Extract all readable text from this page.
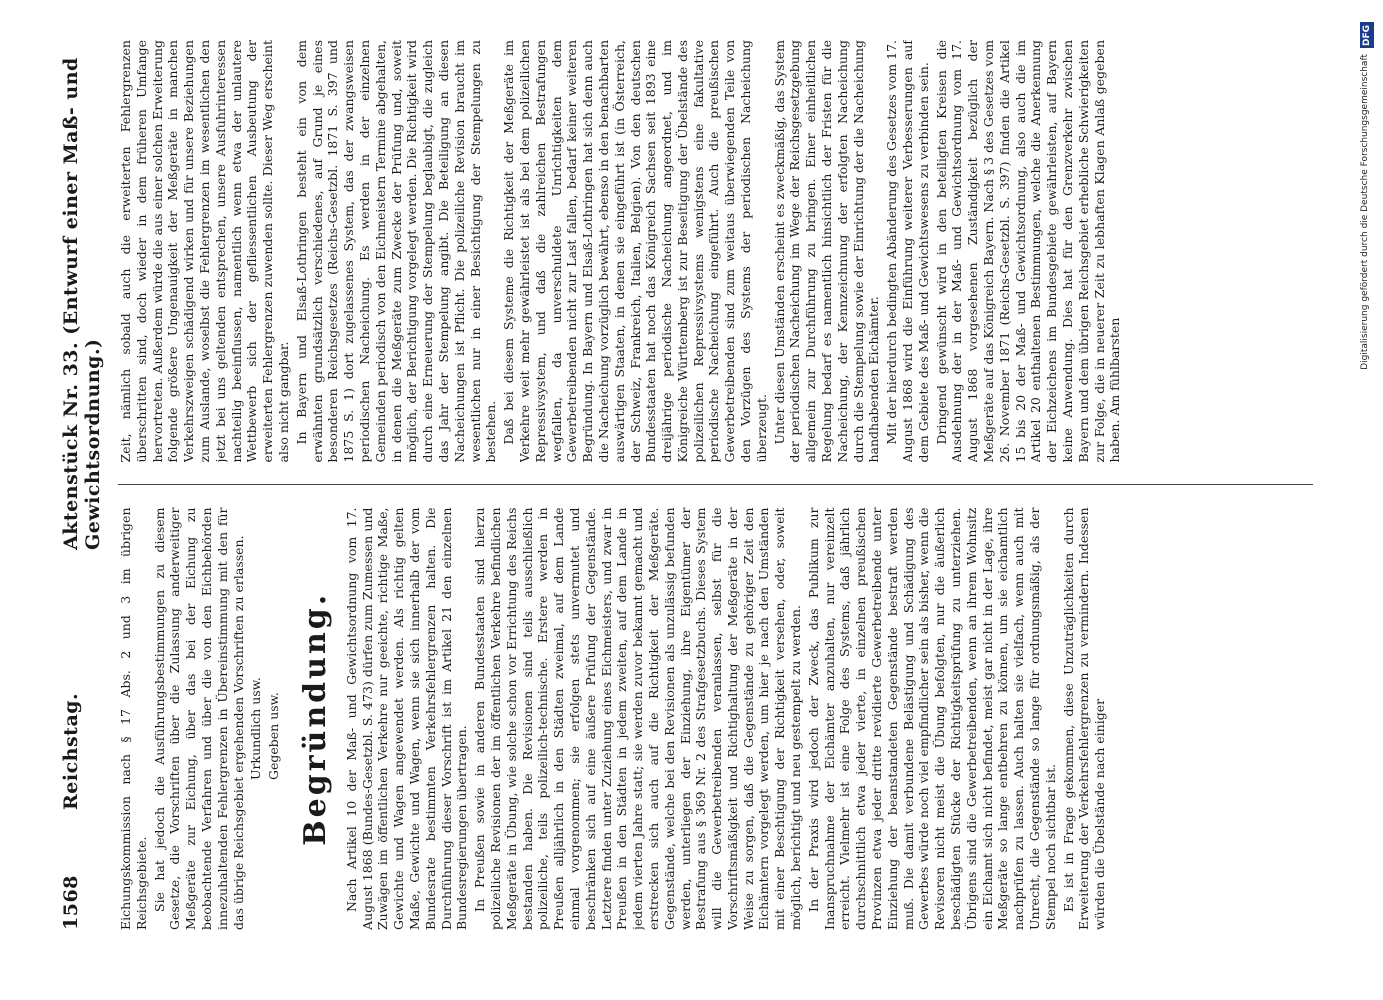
1568
Reichstag.
Aktenstück Nr. 33. (Entwurf einer Maß- und Gewichtsordnung.)

Eichungskommission nach § 17 Abs. 2 und 3 im übrigen Reichsgebiete. Sie hat jedoch die Ausführungsbestimmungen zu diesem Gesetze, die Vorschriften über die Zulassung anderweitiger Meßgeräte zur Eichung, über das bei der Eichung zu beobachtende Verfahren und über die von den Eichbehörden innezuhaltenden Fehlergrenzen in Übereinstimmung mit den für das übrige Reichsgebiet ergehenden Vorschriften zu erlassen. Urkundlich usw. Gegeben usw. Begründung. Nach Artikel 10 der Maß- und Gewichtsordnung vom 17. August 1868 (Bundes-Gesetzbl. S. 473) dürfen zum Zumessen und Zuwägen im öffentlichen Verkehre nur geeichte, richtige Maße, Gewichte und Wagen angewendet werden. Als richtig gelten Maße, Gewichte und Wagen, wenn sie sich innerhalb der vom Bundesrate bestimmten Verkehrsfehlergrenzen halten. Die Durchführung dieser Vorschrift ist im Artikel 21 den einzelnen Bundesregierungen übertragen. In Preußen sowie in anderen Bundesstaaten sind hierzu polizeiliche Revisionen der im öffentlichen Verkehre befindlichen Meßgeräte in Übung, wie solche schon vor Errichtung des Reichs bestanden haben. Die Revisionen sind teils ausschließlich polizeiliche, teils polizeilich-technische. Erstere werden in Preußen alljährlich in den Städten zweimal, auf dem Lande einmal vorgenommen; sie erfolgen stets unvermutet und beschränken sich auf eine äußere Prüfung der Gegenstände. Letztere finden unter Zuziehung eines Eichmeisters, und zwar in Preußen in den Städten in jedem zweiten, auf dem Lande in jedem vierten Jahre statt; sie werden zuvor bekannt gemacht und erstrecken sich auch auf die Richtigkeit der Meßgeräte. Gegenstände, welche bei den Revisionen als unzulässig befunden werden, unterliegen der Einziehung, ihre Eigentümer der Bestrafung aus § 369 Nr. 2 des Strafgesetzbuchs. Dieses System will die Gewerbetreibenden veranlassen, selbst für die Vorschriftsmäßigkeit und Richtighaltung der Meßgeräte in der Weise zu sorgen, daß die Gegenstände zu gehöriger Zeit den Eichämtern vorgelegt werden, um hier je nach den Umständen mit einer Beschtigung der Richtigkeit versehen, oder, soweit möglich, berichtigt und neu gestempelt zu werden. In der Praxis wird jedoch der Zweck, das Publikum zur Inanspruchnahme der Eichämter anzuhalten, nur vereinzelt erreicht. Vielmehr ist eine Folge des Systems, daß jährlich durchschnittlich etwa jeder vierte, in einzelnen preußischen Provinzen etwa jeder dritte revidierte Gewerbetreibende unter Einziehung der beanstandeten Gegenstände bestraft werden muß. Die damit verbundene Belästigung und Schädigung des Gewerbes würde noch viel empfindlicher sein als bisher, wenn die Revisoren nicht meist die Übung befolgten, nur die äußerlich beschädigten Stücke der Richtigkeitsprüfung zu unterziehen. Übrigens sind die Gewerbetreibenden, wenn an ihrem Wohnsitz ein Eichamt sich nicht befindet, meist gar nicht in der Lage, ihre Meßgeräte so lange entbehren zu können, um sie eichamtlich nachprüfen zu lassen. Auch halten sie vielfach, wenn auch mit Unrecht, die Gegenstände so lange für ordnungsmäßig, als der Stempel noch sichtbar ist. Es ist in Frage gekommen, diese Unzuträglichkeiten durch Erweiterung der Verkehrsfehlergrenzen zu vermindern. Indessen würden die Übelstände nach einiger

Zeit, nämlich sobald auch die erweiterten Fehlergrenzen überschritten sind, doch wieder in dem früheren Umfange hervortreten. Außerdem würde die aus einer solchen Erweiterung folgende größere Ungenauigkeit der Meßgeräte in manchen Verkehrszweigen schädigend wirken und für unsere Beziehungen zum Auslande, woselbst die Fehlergrenzen im wesentlichen den jetzt bei uns geltenden entsprechen, unsere Ausfuhrinteressen nachteilig beeinflussen, namentlich wenn etwa der unlautere Wettbewerb sich der gefliessentlichen Ausbeutung der erweiterten Fehlergrenzen zuwenden sollte. Dieser Weg erscheint also nicht gangbar. In Bayern und Elsaß-Lothringen besteht ein von dem erwähnten grundsätzlich verschiedenes, auf Grund je eines besonderen Reichsgesetzes (Reichs-Gesetzbl. 1871 S. 397 und 1875 S. 1) dort zugelassenes System, das der zwangsweisen periodischen Nacheichung. Es werden in der einzelnen Gemeinden periodisch von den Eichmeistern Termine abgehalten, in denen die Meßgeräte zum Zwecke der Prüfung und, soweit möglich, der Berichtigung vorgelegt werden. Die Richtigkeit wird durch eine Erneuerung der Stempelung beglaubigt, die zugleich das Jahr der Stempelung angibt. Die Beteiligung an diesen Nacheichungen ist Pflicht. Die polizeiliche Revision braucht im wesentlichen nur in einer Besichtigung der Stempelungen zu bestehen. Daß bei diesem Systeme die Richtigkeit der Meßgeräte im Verkehre weit mehr gewährleistet ist als bei dem polizeilichen Repressivsystem, und daß die zahlreichen Bestrafungen wegfallen, da unverschuldete Unrichtigkeiten dem Gewerbetreibenden nicht zur Last fallen, bedarf keiner weiteren Begründung. In Bayern und Elsaß-Lothringen hat sich denn auch die Nacheichung vorzüglich bewährt, ebenso in den benachbarten auswärtigen Staaten, in denen sie eingeführt ist (in Österreich, der Schweiz, Frankreich, Italien, Belgien). Von den deutschen Bundesstaaten hat noch das Königreich Sachsen seit 1893 eine dreijährige periodische Nacheichung angeordnet, und im Königreiche Württemberg ist zur Beseitigung der Übelstände des polizeilichen Repressivsystems wenigstens eine fakultative periodische Nacheichung eingeführt. Auch die preußischen Gewerbetreibenden sind zum weitaus überwiegenden Teile von den Vorzügen des Systems der periodischen Nacheichung überzeugt. Unter diesen Umständen erscheint es zweckmäßig, das System der periodischen Nacheichung im Wege der Reichsgesetzgebung allgemein zur Durchführung zu bringen. Einer einheitlichen Regelung bedarf es namentlich hinsichtlich der Fristen für die Nacheichung, der Kennzeichnung der erfolgten Nacheichung durch die Stempelung sowie der Einrichtung der die Nacheichung handhabenden Eichämter. Mit der hierdurch bedingten Abänderung des Gesetzes vom 17. August 1868 wird die Einführung weiterer Verbesserungen auf dem Gebiete des Maß- und Gewichtswesens zu verbinden sein. Dringend gewünscht wird in den beteiligten Kreisen die Ausdehnung der in der Maß- und Gewichtsordnung vom 17. August 1868 vorgesehenen Zuständigkeit bezüglich der Meßgeräte auf das Königreich Bayern. Nach § 3 des Gesetzes vom 26. November 1871 (Reichs-Gesetzbl. S. 397) finden die Artikel 15 bis 20 der Maß- und Gewichtsordnung, also auch die im Artikel 20 enthaltenen Bestimmungen, welche die Anerkennung der Eichzeichens im Bundesgebiete gewährleisten, auf Bayern keine Anwendung. Dies hat für den Grenzverkehr zwischen Bayern und dem übrigen Reichsgebiet erhebliche Schwierigkeiten zur Folge, die in neuerer Zeit zu lebhaften Klagen Anlaß gegeben haben. Am fühlbarsten

DFG
Digitalisierung gefördert durch die Deutsche Forschungsgemeinschaft
